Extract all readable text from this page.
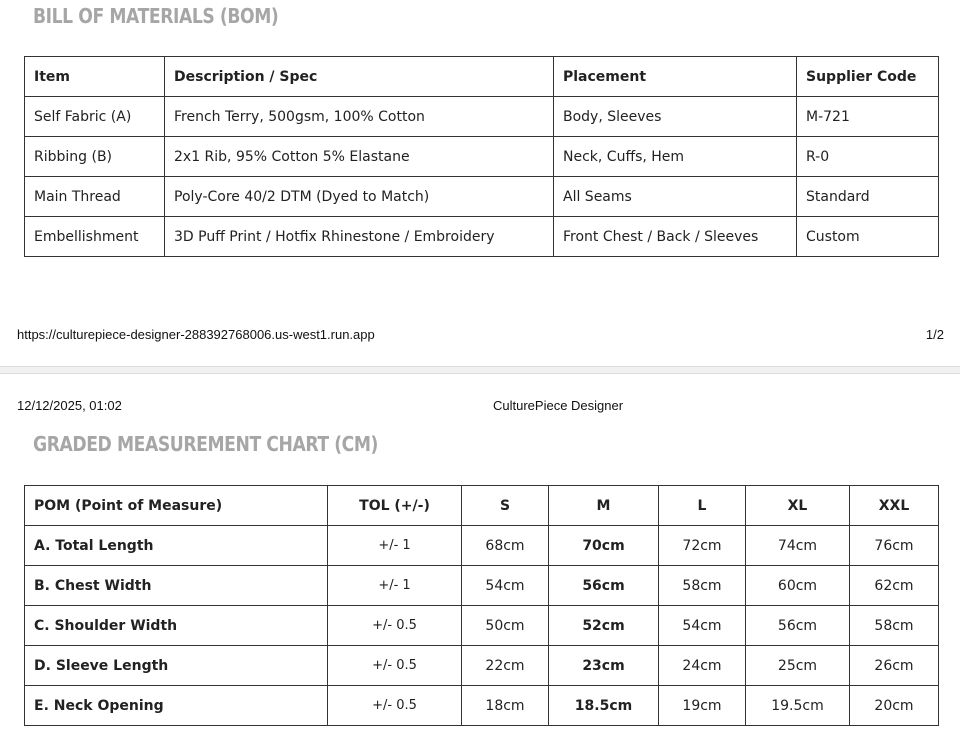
BILL OF MATERIALS (BOM)
Item	Description / Spec	Placement	Supplier Code
Self Fabric (A)	French Terry, 500gsm, 100% Cotton	Body, Sleeves	M-721
Ribbing (B)	2x1 Rib, 95% Cotton 5% Elastane	Neck, Cuffs, Hem	R-0
Main Thread	Poly-Core 40/2 DTM (Dyed to Match)	All Seams	Standard
Embellishment	3D Puff Print / Hotfix Rhinestone / Embroidery	Front Chest / Back / Sleeves	Custom
https://culturepiece-designer-288392768006.us-west1.run.app	1/2
12/12/2025, 01:02	CulturePiece Designer
GRADED MEASUREMENT CHART (CM)
POM (Point of Measure)	TOL (+/-)	S	M	L	XL	XXL
A. Total Length	+/- 1	68cm	70cm	72cm	74cm	76cm
B. Chest Width	+/- 1	54cm	56cm	58cm	60cm	62cm
C. Shoulder Width	+/- 0.5	50cm	52cm	54cm	56cm	58cm
D. Sleeve Length	+/- 0.5	22cm	23cm	24cm	25cm	26cm
E. Neck Opening	+/- 0.5	18cm	18.5cm	19cm	19.5cm	20cm
